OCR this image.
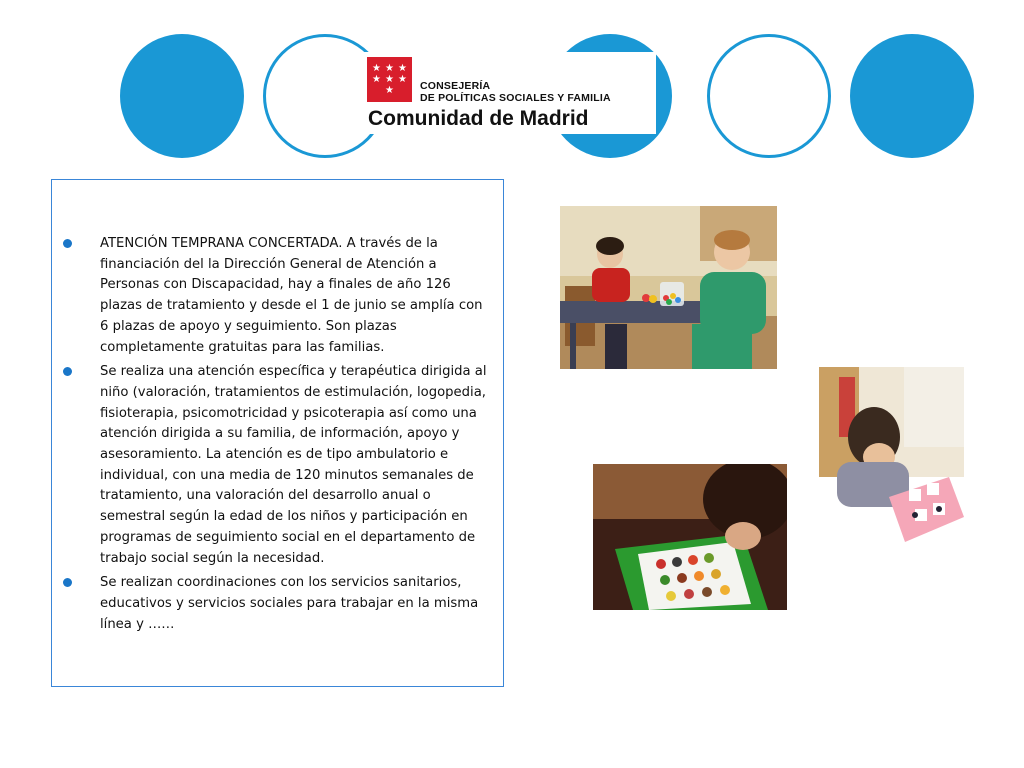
★ ★ ★
★ ★ ★
★ CONSEJERÍA
DE POLÍTICAS SOCIALES Y FAMILIA
Comunidad de Madrid
ATENCIÓN TEMPRANA CONCERTADA. A través de la financiación del la Dirección General de Atención a Personas con Discapacidad, hay a finales de año 126 plazas de tratamiento y desde el 1 de junio se amplía con 6 plazas de apoyo y seguimiento. Son plazas completamente gratuitas para las familias.
Se realiza una atención específica y terapéutica dirigida al niño (valoración, tratamientos de estimulación, logopedia, fisioterapia, psicomotricidad y psicoterapia así como una atención dirigida a su familia, de información, apoyo y asesoramiento. La atención es de tipo ambulatorio e individual, con una media de 120 minutos semanales de tratamiento, una valoración del desarrollo anual o semestral según la edad de los niños y participación en programas de seguimiento social en el departamento de trabajo social según la necesidad.
Se realizan coordinaciones con los servicios sanitarios, educativos y servicios sociales para trabajar en la misma línea y ……
